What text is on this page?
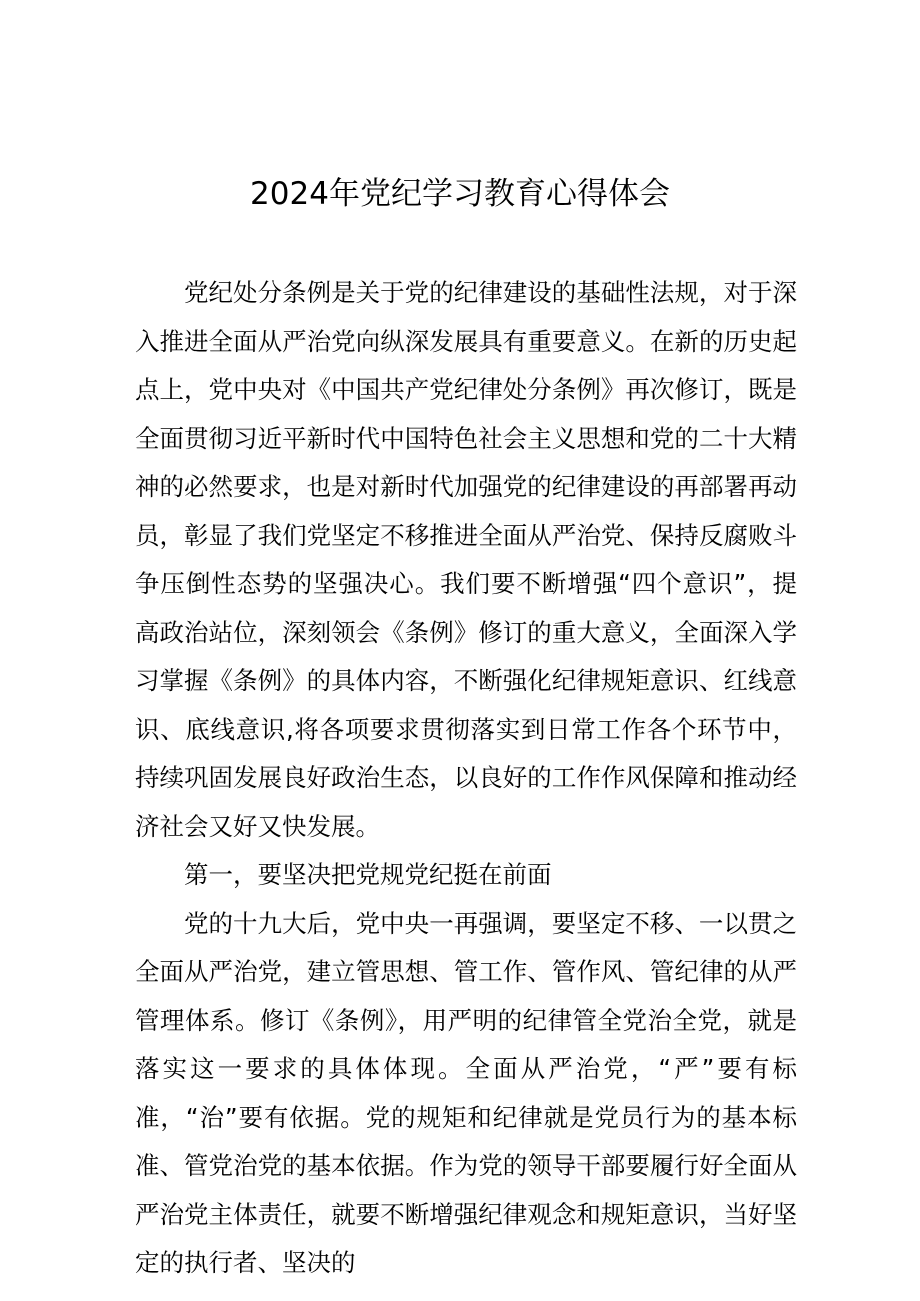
2024年党纪学习教育心得体会

党纪处分条例是关于党的纪律建设的基础性法规，对于深入推进全面从严治党向纵深发展具有重要意义。在新的历史起点上，党中央对《中国共产党纪律处分条例》再次修订，既是全面贯彻习近平新时代中国特色社会主义思想和党的二十大精神的必然要求，也是对新时代加强党的纪律建设的再部署再动员，彰显了我们党坚定不移推进全面从严治党、保持反腐败斗争压倒性态势的坚强决心。我们要不断增强“四个意识”，提高政治站位，深刻领会《条例》修订的重大意义，全面深入学习掌握《条例》的具体内容，不断强化纪律规矩意识、红线意识、底线意识,将各项要求贯彻落实到日常工作各个环节中，持续巩固发展良好政治生态，以良好的工作作风保障和推动经济社会又好又快发展。

第一，要坚决把党规党纪挺在前面

党的十九大后，党中央一再强调，要坚定不移、一以贯之全面从严治党，建立管思想、管工作、管作风、管纪律的从严管理体系。修订《条例》，用严明的纪律管全党治全党，就是落实这一要求的具体体现。全面从严治党，“严”要有标准，“治”要有依据。党的规矩和纪律就是党员行为的基本标准、管党治党的基本依据。作为党的领导干部要履行好全面从严治党主体责任，就要不断增强纪律观念和规矩意识，当好坚定的执行者、坚决的
